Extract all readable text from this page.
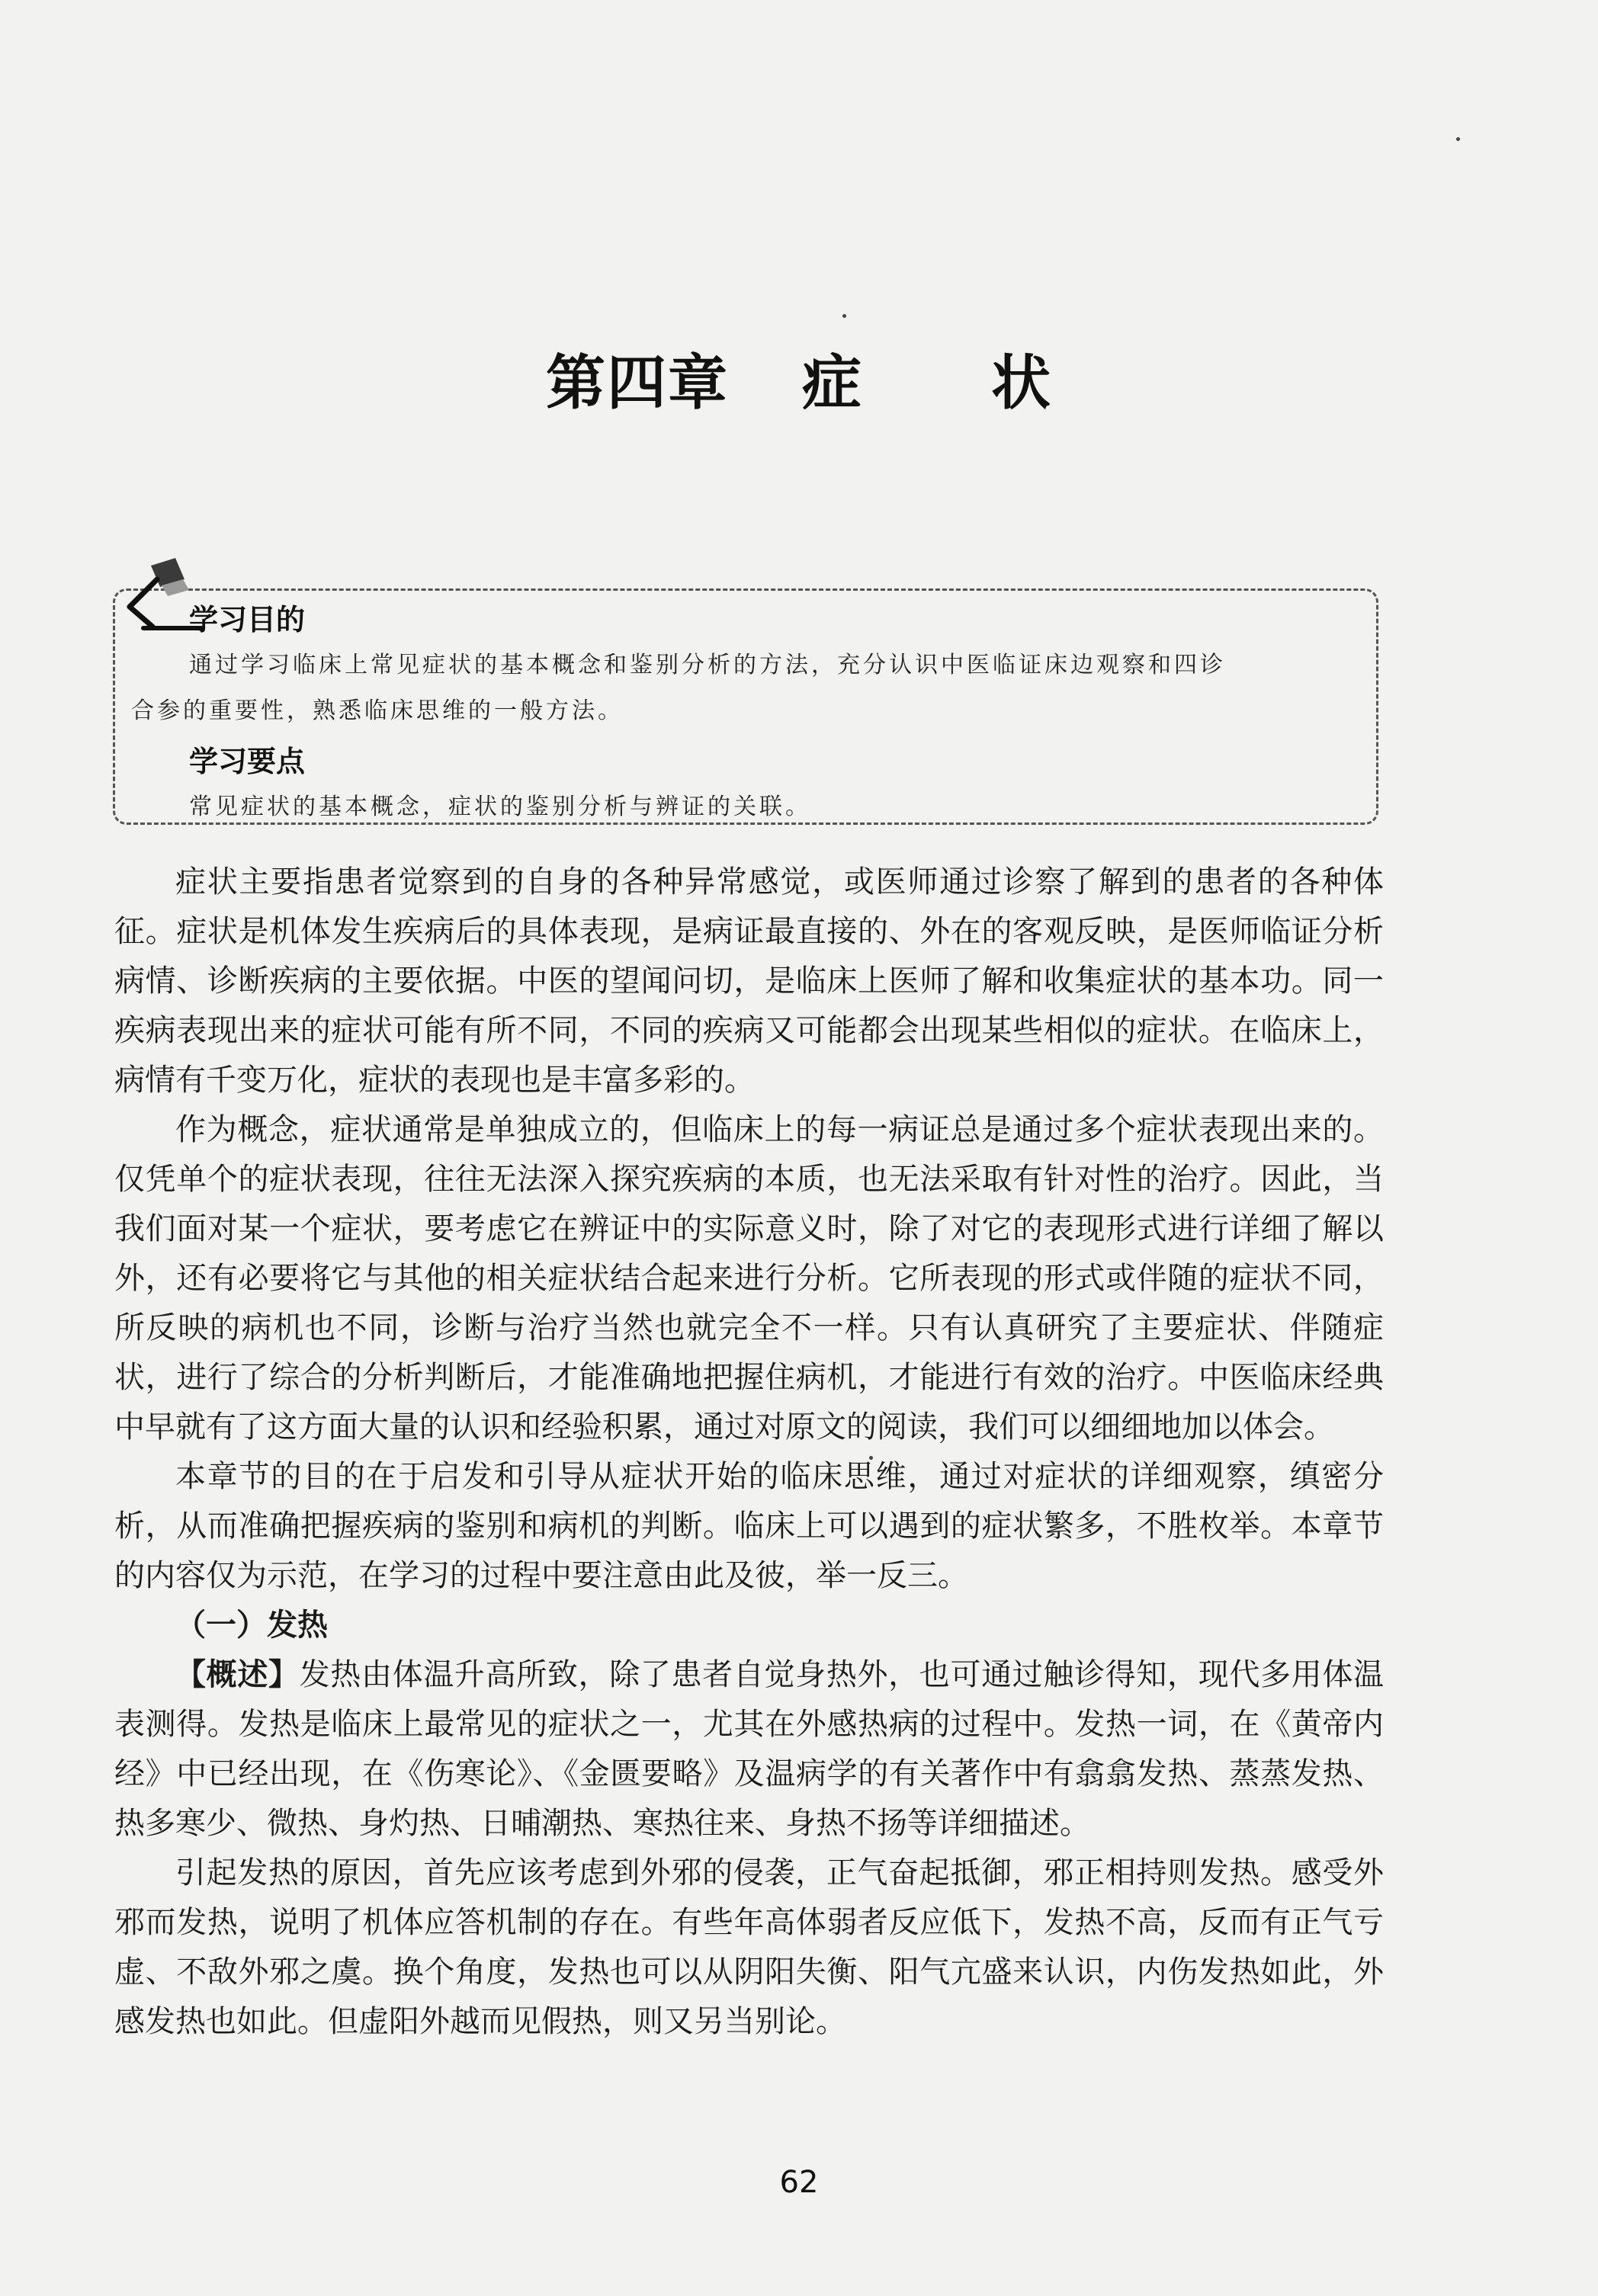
第四章 症 状
学习目的
通过学习临床上常见症状的基本概念和鉴别分析的方法，充分认识中医临证床边观察和四诊
合参的重要性，熟悉临床思维的一般方法。
学习要点
常见症状的基本概念，症状的鉴别分析与辨证的关联。

症状主要指患者觉察到的自身的各种异常感觉，或医师通过诊察了解到的患者的各种体征。症状是机体发生疾病后的具体表现，是病证最直接的、外在的客观反映，是医师临证分析病情、诊断疾病的主要依据。中医的望闻问切，是临床上医师了解和收集症状的基本功。同一疾病表现出来的症状可能有所不同，不同的疾病又可能都会出现某些相似的症状。在临床上，病情有千变万化，症状的表现也是丰富多彩的。

作为概念，症状通常是单独成立的，但临床上的每一病证总是通过多个症状表现出来的。仅凭单个的症状表现，往往无法深入探究疾病的本质，也无法采取有针对性的治疗。因此，当我们面对某一个症状，要考虑它在辨证中的实际意义时，除了对它的表现形式进行详细了解以外，还有必要将它与其他的相关症状结合起来进行分析。它所表现的形式或伴随的症状不同，所反映的病机也不同，诊断与治疗当然也就完全不一样。只有认真研究了主要症状、伴随症状，进行了综合的分析判断后，才能准确地把握住病机，才能进行有效的治疗。中医临床经典中早就有了这方面大量的认识和经验积累，通过对原文的阅读，我们可以细细地加以体会。

本章节的目的在于启发和引导从症状开始的临床思维，通过对症状的详细观察，缜密分析，从而准确把握疾病的鉴别和病机的判断。临床上可以遇到的症状繁多，不胜枚举。本章节的内容仅为示范，在学习的过程中要注意由此及彼，举一反三。

（一）发热

【概述】发热由体温升高所致，除了患者自觉身热外，也可通过触诊得知，现代多用体温表测得。发热是临床上最常见的症状之一，尤其在外感热病的过程中。发热一词，在《黄帝内经》中已经出现，在《伤寒论》、《金匮要略》及温病学的有关著作中有翕翕发热、蒸蒸发热、热多寒少、微热、身灼热、日晡潮热、寒热往来、身热不扬等详细描述。

引起发热的原因，首先应该考虑到外邪的侵袭，正气奋起抵御，邪正相持则发热。感受外邪而发热，说明了机体应答机制的存在。有些年高体弱者反应低下，发热不高，反而有正气亏虚、不敌外邪之虞。换个角度，发热也可以从阴阳失衡、阳气亢盛来认识，内伤发热如此，外感发热也如此。但虚阳外越而见假热，则又另当别论。

62
